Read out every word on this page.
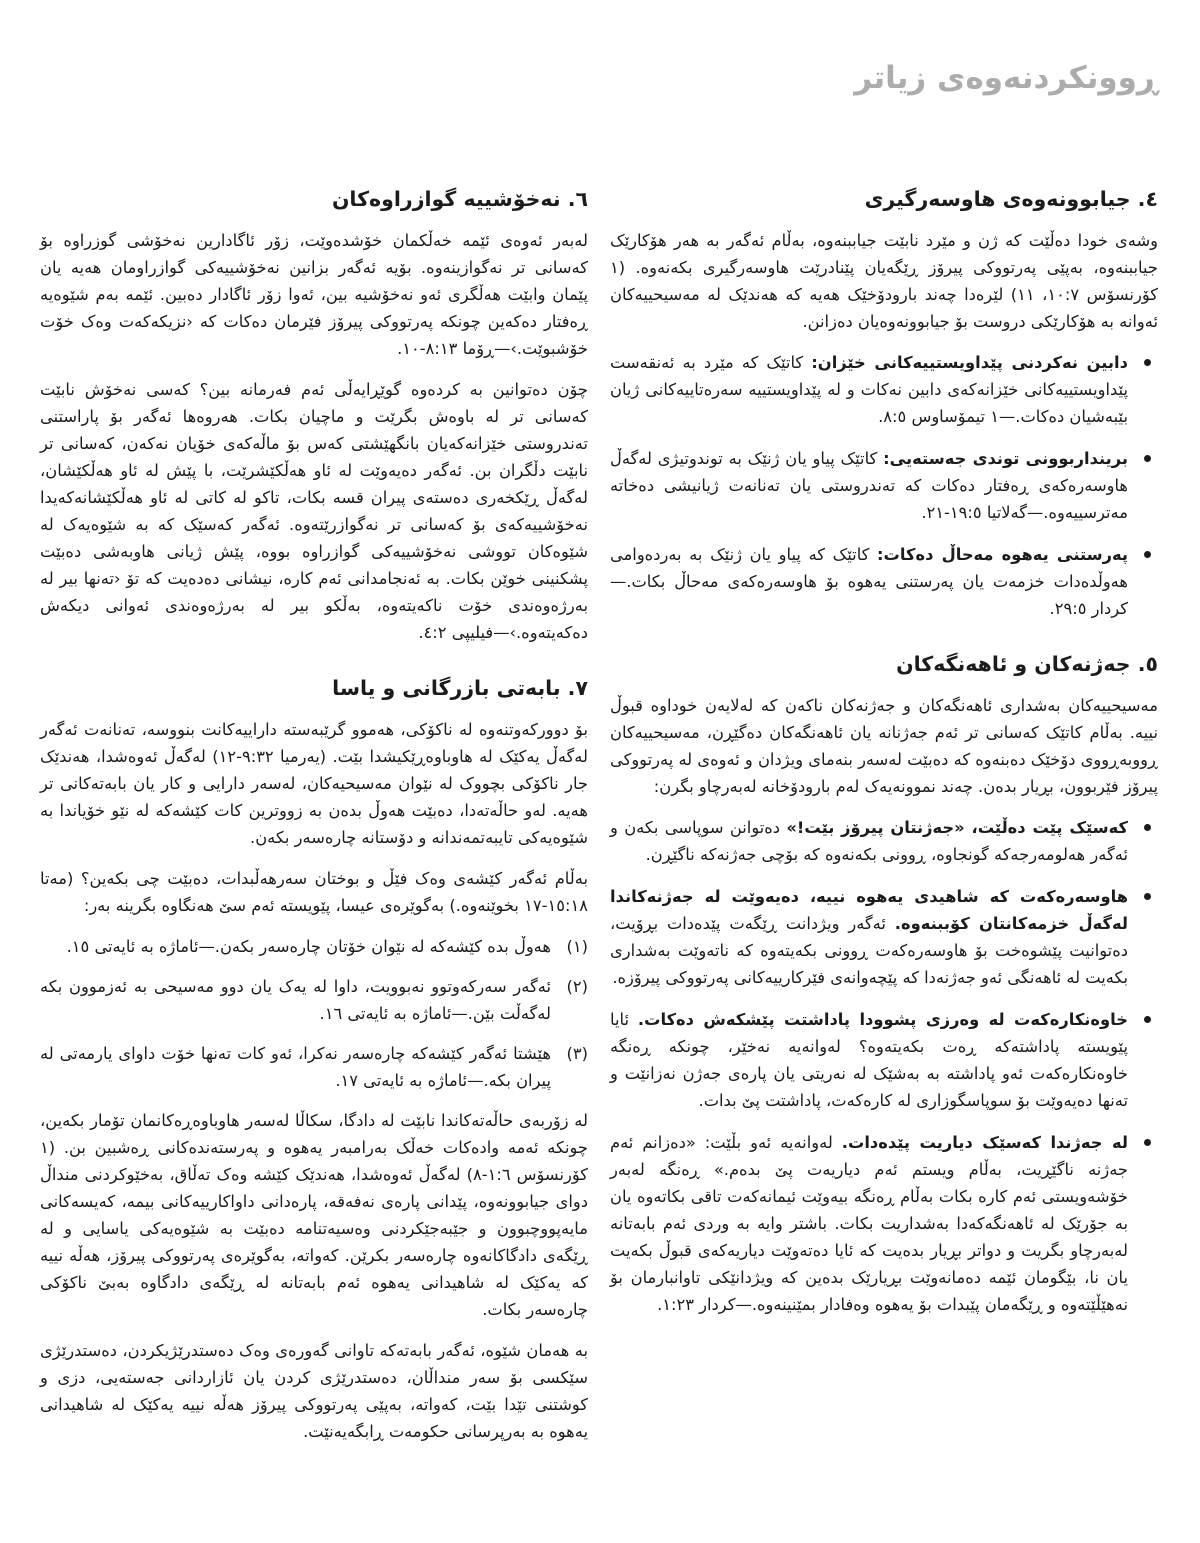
ڕوونکردنەوەی زیاتر
٤. جیابوونەوەی هاوسەرگیری

وشەی خودا دەڵێت کە ژن و مێرد نابێت جیاببنەوە، بەڵام ئەگەر بە هەر هۆکارێک جیاببنەوە، بەپێی پەرتووکی پیرۆز ڕێگەیان پێنادرێت هاوسەرگیری بکەنەوە. (١ کۆرنسۆس ٧‏:‏١٠، ١١) لێرەدا چەند بارودۆخێک هەیە کە هەندێک لە مەسیحییەکان ئەوانە بە هۆکارێکی دروست بۆ جیابوونەوەیان دەزانن.

دابین نەکردنی پێداویستییەکانی خێزان: کاتێک کە مێرد بە ئەنقەست پێداویستییەکانی خێزانەکەی دابین نەکات و لە پێداویستییە سەرەتاییەکانی ژیان بێبەشیان دەکات.—١ تیمۆساوس ٥‏:‏٨.
برینداربوونی توندی جەستەیی: کاتێک پیاو یان ژنێک بە توندوتیژی لەگەڵ هاوسەرەکەی ڕەفتار دەکات کە تەندروستی یان تەنانەت ژیانیشی دەخاتە مەترسییەوە.—گەلاتیا ٥‏:‏١٩-٢١.
پەرستنی یەهوە مەحاڵ دەکات: کاتێک کە پیاو یان ژنێک بە بەردەوامی هەوڵدەدات خزمەت یان پەرستنی یەهوە بۆ هاوسەرەکەی مەحاڵ بکات.—کردار ٥‏:‏٢٩.
٥. جەژنەکان و ئاهەنگەکان

مەسیحییەکان بەشداری ئاهەنگەکان و جەژنەکان ناکەن کە لەلایەن خوداوە قبوڵ نییە. بەڵام کاتێک کەسانی تر ئەم جەژنانە یان ئاهەنگەکان دەگێڕن، مەسیحییەکان ڕووبەڕووی دۆخێک دەبنەوە کە دەبێت لەسەر بنەمای ویژدان و ئەوەی لە پەرتووکی پیرۆز فێربوون، بڕیار بدەن. چەند نموونەیەک لەم بارودۆخانە لەبەرچاو بگرن:

کەسێک پێت دەڵێت، «جەژنتان پیرۆز بێت!» دەتوانن سوپاسی بکەن و ئەگەر هەلومەرجەکە گونجاوە، ڕوونی بکەنەوە کە بۆچی جەژنەکە ناگێڕن.
هاوسەرەکەت کە شاهیدی یەهوە نییە، دەیەوێت لە جەژنەکاندا لەگەڵ خزمەکانتان کۆببنەوە. ئەگەر ویژدانت ڕێگەت پێدەدات بڕۆیت، دەتوانیت پێشوەخت بۆ هاوسەرەکەت ڕوونی بکەیتەوە کە ناتەوێت بەشداری بکەیت لە ئاهەنگی ئەو جەژنەدا کە پێچەوانەی فێرکارییەکانی پەرتووکی پیرۆزە.
خاوەنکارەکەت لە وەرزی پشوودا پاداشتت پێشکەش دەکات. ئایا پێویستە پاداشتەکە ڕەت بکەیتەوە؟ لەوانەیە نەخێر، چونکە ڕەنگە خاوەنکارەکەت ئەو پاداشتە بە بەشێک لە نەریتی یان پارەی جەژن نەزانێت و تەنها دەیەوێت بۆ سوپاسگوزاری لە کارەکەت، پاداشتت پێ بدات.
لە جەژندا کەسێک دیاریت پێدەدات. لەوانەیە ئەو بڵێت: «دەزانم ئەم جەژنە ناگێڕیت، بەڵام ویستم ئەم دیاریەت پێ بدەم.» ڕەنگە لەبەر خۆشەویستی ئەم کارە بکات بەڵام ڕەنگە بیەوێت ئیمانەکەت تاقی بکاتەوە یان بە جۆرێک لە ئاهەنگەکەدا بەشداریت بکات. باشتر وایە بە وردی ئەم بابەتانە لەبەرچاو بگریت و دواتر بڕیار بدەیت کە ئایا دەتەوێت دیاریەکەی قبوڵ بکەیت یان نا، بێگومان ئێمە دەمانەوێت بڕیارێک بدەین کە ویژدانێکی تاوانبارمان بۆ نەهێڵێتەوە و ڕێگەمان پێبدات بۆ یەهوە وەفادار بمێنینەوە.—کردار ٢٣‏:‏١.
٦. نەخۆشییە گوازراوەکان

لەبەر ئەوەی ئێمە خەڵکمان خۆشدەوێت، زۆر ئاگادارین نەخۆشی گوزراوە بۆ کەسانی تر نەگوازینەوە. بۆیە ئەگەر بزانین نەخۆشییەکی گوازراومان هەیە یان پێمان وابێت هەڵگری ئەو نەخۆشیە بین، ئەوا زۆر ئاگادار دەبین. ئێمە بەم شێوەیە ڕەفتار دەکەین چونکە پەرتووکی پیرۆز فێرمان دەکات کە ‹نزیکەکەت وەک خۆت خۆشبوێت.›—ڕۆما ١٣‏:‏٨-١٠.

چۆن دەتوانین بە کردەوە گوێڕایەڵی ئەم فەرمانە بین؟ کەسی نەخۆش نابێت کەسانی تر لە باوەش بگرێت و ماچیان بکات. هەروەها ئەگەر بۆ پاراستنی تەندروستی خێزانەکەیان بانگهێشتی کەس بۆ ماڵەکەی خۆیان نەکەن، کەسانی تر نابێت دڵگران بن. ئەگەر دەیەوێت لە ئاو هەڵکێشرێت، با پێش لە ئاو هەڵکێشان، لەگەڵ ڕێکخەری دەستەی پیران قسە بکات، تاکو لە کاتی لە ئاو هەڵکێشانەکەیدا نەخۆشییەکەی بۆ کەسانی تر نەگوازرێتەوە. ئەگەر کەسێک کە بە شێوەیەک لە شێوەکان تووشی نەخۆشییەکی گوازراوە بووە، پێش ژیانی هاوبەشی دەبێت پشکنینی خوێن بکات. بە ئەنجامدانی ئەم کارە، نیشانی دەدەیت کە تۆ ‹تەنها بیر لە بەرژەوەندی خۆت ناکەیتەوە، بەڵکو بیر لە بەرژەوەندی ئەوانی دیکەش دەکەیتەوە.›—فیلیپی ٢‏:‏٤.

٧. بابەتی بازرگانی و یاسا

بۆ دوورکەوتنەوە لە ناکۆکی، هەموو گرێبەستە داراییەکانت بنووسە، تەنانەت ئەگەر لەگەڵ یەکێک لە هاوباوەڕێکیشدا بێت. (یەرمیا ٣٢‏:‏٩-١٢) لەگەڵ ئەوەشدا، هەندێک جار ناکۆکی بچووک لە نێوان مەسیحیەکان، لەسەر دارایی و کار یان بابەتەکانی تر هەیە. لەو حاڵەتەدا، دەبێت هەوڵ بدەن بە زووترین کات کێشەکە لە نێو خۆیاندا بە شێوەیەکی تایبەتمەندانە و دۆستانە چارەسەر بکەن.

بەڵام ئەگەر کێشەی وەک فێڵ و بوختان سەرهەڵبدات، دەبێت چی بکەین؟ (مەتا ١٨‏:‏١٥-١٧ بخوێنەوە.) بەگوێرەی عیسا، پێویستە ئەم سێ هەنگاوە بگرینە بەر:

(١)
هەوڵ بدە کێشەکە لە نێوان خۆتان چارەسەر بکەن.—ئاماژە بە ئایەتی ١٥.
(٢)
ئەگەر سەرکەوتوو نەبوویت، داوا لە یەک یان دوو مەسیحی بە ئەزموون بکە لەگەڵت بێن.—ئاماژە بە ئایەتی ١٦.
(٣)
هێشتا ئەگەر کێشەکە چارەسەر نەکرا، ئەو کات تەنها خۆت داوای یارمەتی لە پیران بکە.—ئاماژە بە ئایەتی ١٧.

لە زۆربەی حاڵەتەکاندا نابێت لە دادگا، سکاڵا لەسەر هاوباوەڕەکانمان تۆمار بکەین، چونکە ئەمە وادەکات خەڵک بەرامبەر یەهوە و پەرستەندەکانی ڕەشبین بن. (١ کۆرنسۆس ٦‏:‏١-٨) لەگەڵ ئەوەشدا، هەندێک کێشە وەک تەڵاق، بەخێوکردنی منداڵ دوای جیابوونەوە، پێدانی پارەی نەفەقە، پارەدانی داواکارییەکانی بیمە، کەیسەکانی مایەپووچبوون و جێبەجێکردنی وەسیەتنامە دەبێت بە شێوەیەکی یاسایی و لە ڕێگەی دادگاکانەوە چارەسەر بکرێن. کەواتە، بەگوێرەی پەرتووکی پیرۆز، هەڵە نییە کە یەکێک لە شاهیدانی یەهوە ئەم بابەتانە لە ڕێگەی دادگاوە بەبێ ناکۆکی چارەسەر بکات.

بە هەمان شێوە، ئەگەر بابەتەکە تاوانی گەورەی وەک دەستدرێژیکردن، دەستدرێژی سێکسی بۆ سەر منداڵان، دەستدرێژی کردن یان ئازاردانی جەستەیی، دزی و کوشتنی تێدا بێت، کەواتە، بەپێی پەرتووکی پیرۆز هەڵە نییە یەکێک لە شاهیدانی یەهوە بە بەرپرسانی حکومەت ڕابگەیەنێت.
